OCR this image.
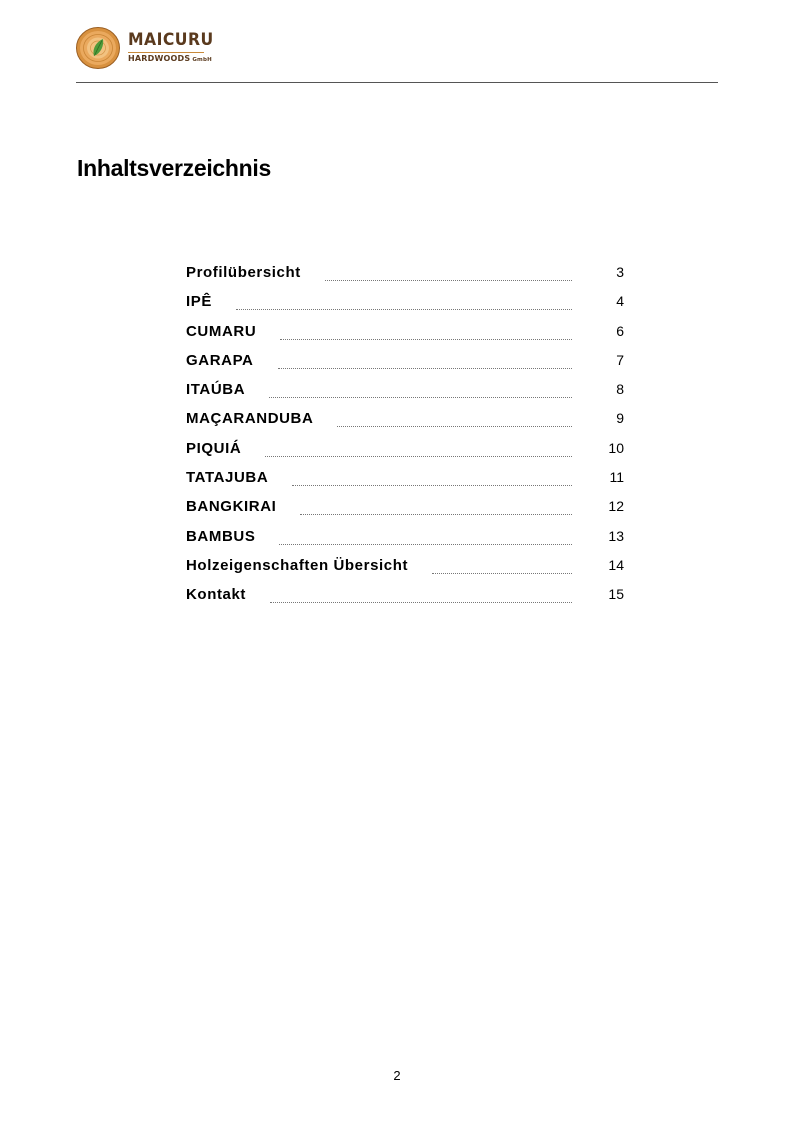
MAICURU
HARDWOODS GmbH
Inhaltsverzeichnis
Profilübersicht	3
IPÊ	4
CUMARU	6
GARAPA	7
ITAÚBA	8
MAÇARANDUBA	9
PIQUIÁ	10
TATAJUBA	11
BANGKIRAI	12
BAMBUS	13
Holzeigenschaften Übersicht	14
Kontakt	15
2
